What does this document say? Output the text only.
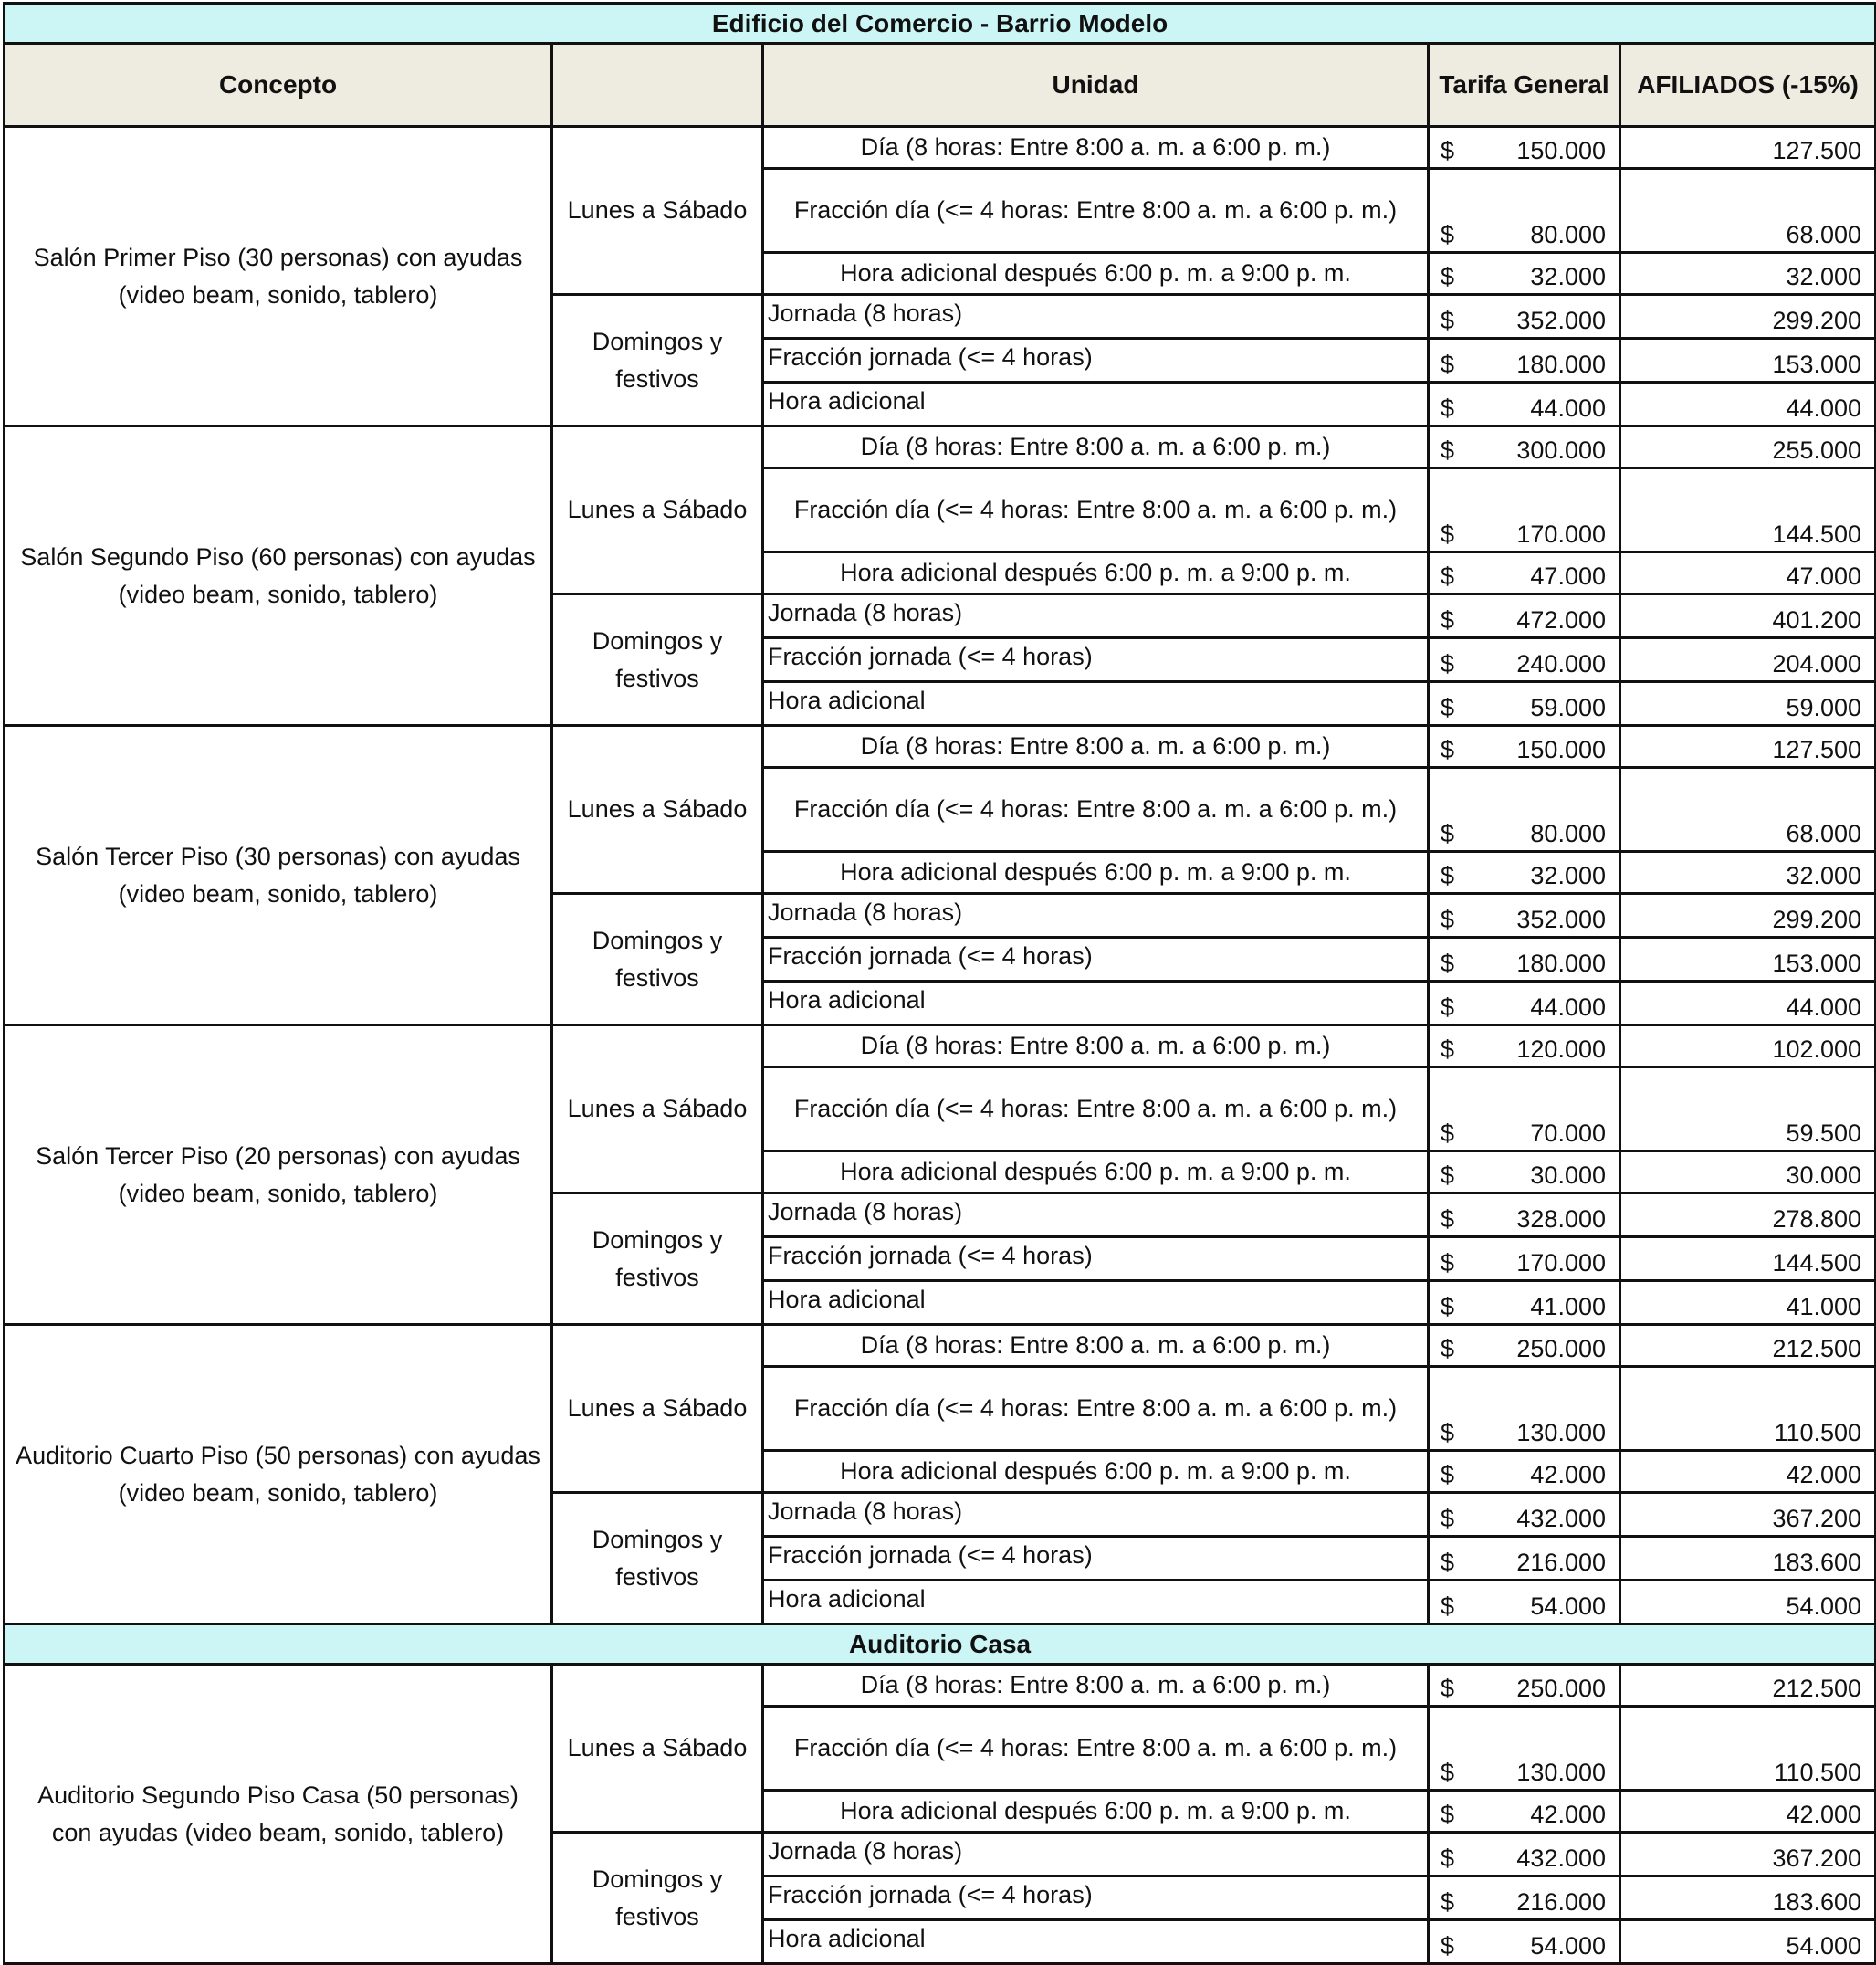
Edificio del Comercio - Barrio Modelo				
Concepto		Unidad	Tarifa General	AFILIADOS (-15%)
Salón Primer Piso (30 personas) con ayudas (video beam, sonido, tablero)	Lunes a Sábado	Día (8 horas: Entre 8:00 a. m. a 6:00 p. m.)	$ 150.000	127.500
		Fracción día (<= 4 horas: Entre 8:00 a. m. a 6:00 p. m.)	$ 80.000	68.000
		Hora adicional después 6:00 p. m. a 9:00 p. m.	$ 32.000	32.000
	Domingos y festivos	Jornada (8 horas)	$ 352.000	299.200
		Fracción jornada (<= 4 horas)	$ 180.000	153.000
		Hora adicional	$ 44.000	44.000
Salón Segundo Piso (60 personas) con ayudas (video beam, sonido, tablero)	Lunes a Sábado	Día (8 horas: Entre 8:00 a. m. a 6:00 p. m.)	$ 300.000	255.000
		Fracción día (<= 4 horas: Entre 8:00 a. m. a 6:00 p. m.)	$ 170.000	144.500
		Hora adicional después 6:00 p. m. a 9:00 p. m.	$ 47.000	47.000
	Domingos y festivos	Jornada (8 horas)	$ 472.000	401.200
		Fracción jornada (<= 4 horas)	$ 240.000	204.000
		Hora adicional	$ 59.000	59.000
Salón Tercer Piso (30 personas) con ayudas (video beam, sonido, tablero)	Lunes a Sábado	Día (8 horas: Entre 8:00 a. m. a 6:00 p. m.)	$ 150.000	127.500
		Fracción día (<= 4 horas: Entre 8:00 a. m. a 6:00 p. m.)	$ 80.000	68.000
		Hora adicional después 6:00 p. m. a 9:00 p. m.	$ 32.000	32.000
	Domingos y festivos	Jornada (8 horas)	$ 352.000	299.200
		Fracción jornada (<= 4 horas)	$ 180.000	153.000
		Hora adicional	$ 44.000	44.000
Salón Tercer Piso (20 personas) con ayudas (video beam, sonido, tablero)	Lunes a Sábado	Día (8 horas: Entre 8:00 a. m. a 6:00 p. m.)	$ 120.000	102.000
		Fracción día (<= 4 horas: Entre 8:00 a. m. a 6:00 p. m.)	$ 70.000	59.500
		Hora adicional después 6:00 p. m. a 9:00 p. m.	$ 30.000	30.000
	Domingos y festivos	Jornada (8 horas)	$ 328.000	278.800
		Fracción jornada (<= 4 horas)	$ 170.000	144.500
		Hora adicional	$ 41.000	41.000
Auditorio Cuarto Piso (50 personas) con ayudas (video beam, sonido, tablero)	Lunes a Sábado	Día (8 horas: Entre 8:00 a. m. a 6:00 p. m.)	$ 250.000	212.500
		Fracción día (<= 4 horas: Entre 8:00 a. m. a 6:00 p. m.)	$ 130.000	110.500
		Hora adicional después 6:00 p. m. a 9:00 p. m.	$ 42.000	42.000
	Domingos y festivos	Jornada (8 horas)	$ 432.000	367.200
		Fracción jornada (<= 4 horas)	$ 216.000	183.600
		Hora adicional	$ 54.000	54.000
Auditorio Casa				
Auditorio Segundo Piso Casa (50 personas) con ayudas (video beam, sonido, tablero)	Lunes a Sábado	Día (8 horas: Entre 8:00 a. m. a 6:00 p. m.)	$ 250.000	212.500
		Fracción día (<= 4 horas: Entre 8:00 a. m. a 6:00 p. m.)	$ 130.000	110.500
		Hora adicional después 6:00 p. m. a 9:00 p. m.	$ 42.000	42.000
	Domingos y festivos	Jornada (8 horas)	$ 432.000	367.200
		Fracción jornada (<= 4 horas)	$ 216.000	183.600
		Hora adicional	$ 54.000	54.000
